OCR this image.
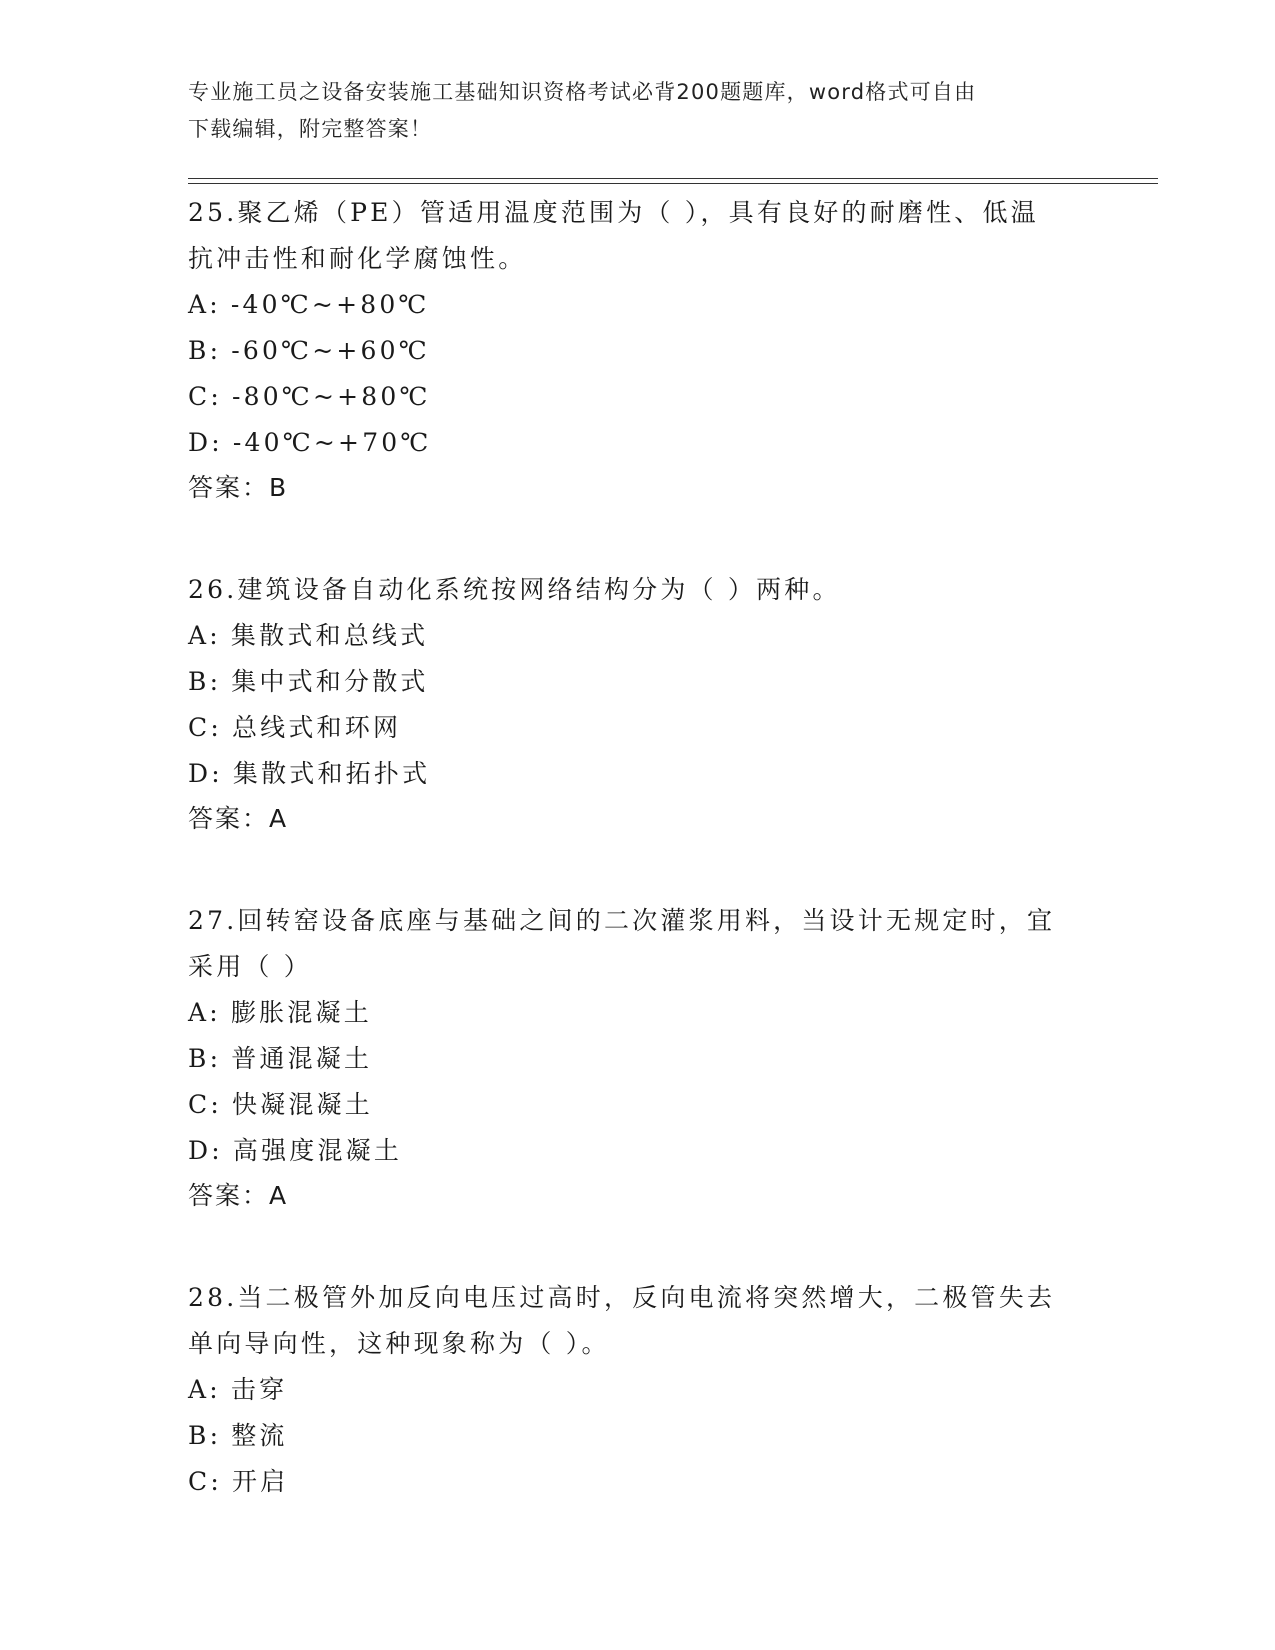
专业施工员之设备安装施工基础知识资格考试必背200题题库，word格式可自由
下载编辑，附完整答案！
25.聚乙烯（PE）管适用温度范围为（ ），具有良好的耐磨性、低温
抗冲击性和耐化学腐蚀性。
A: -40℃~+80℃
B: -60℃~+60℃
C: -80℃~+80℃
D: -40℃~+70℃
答案：B
26.建筑设备自动化系统按网络结构分为（ ）两种。
A: 集散式和总线式
B: 集中式和分散式
C: 总线式和环网
D: 集散式和拓扑式
答案：A
27.回转窑设备底座与基础之间的二次灌浆用料，当设计无规定时，宜
采用（ ）
A: 膨胀混凝土
B: 普通混凝土
C: 快凝混凝土
D: 高强度混凝土
答案：A
28.当二极管外加反向电压过高时，反向电流将突然增大，二极管失去
单向导向性，这种现象称为（ ）。
A: 击穿
B: 整流
C: 开启
